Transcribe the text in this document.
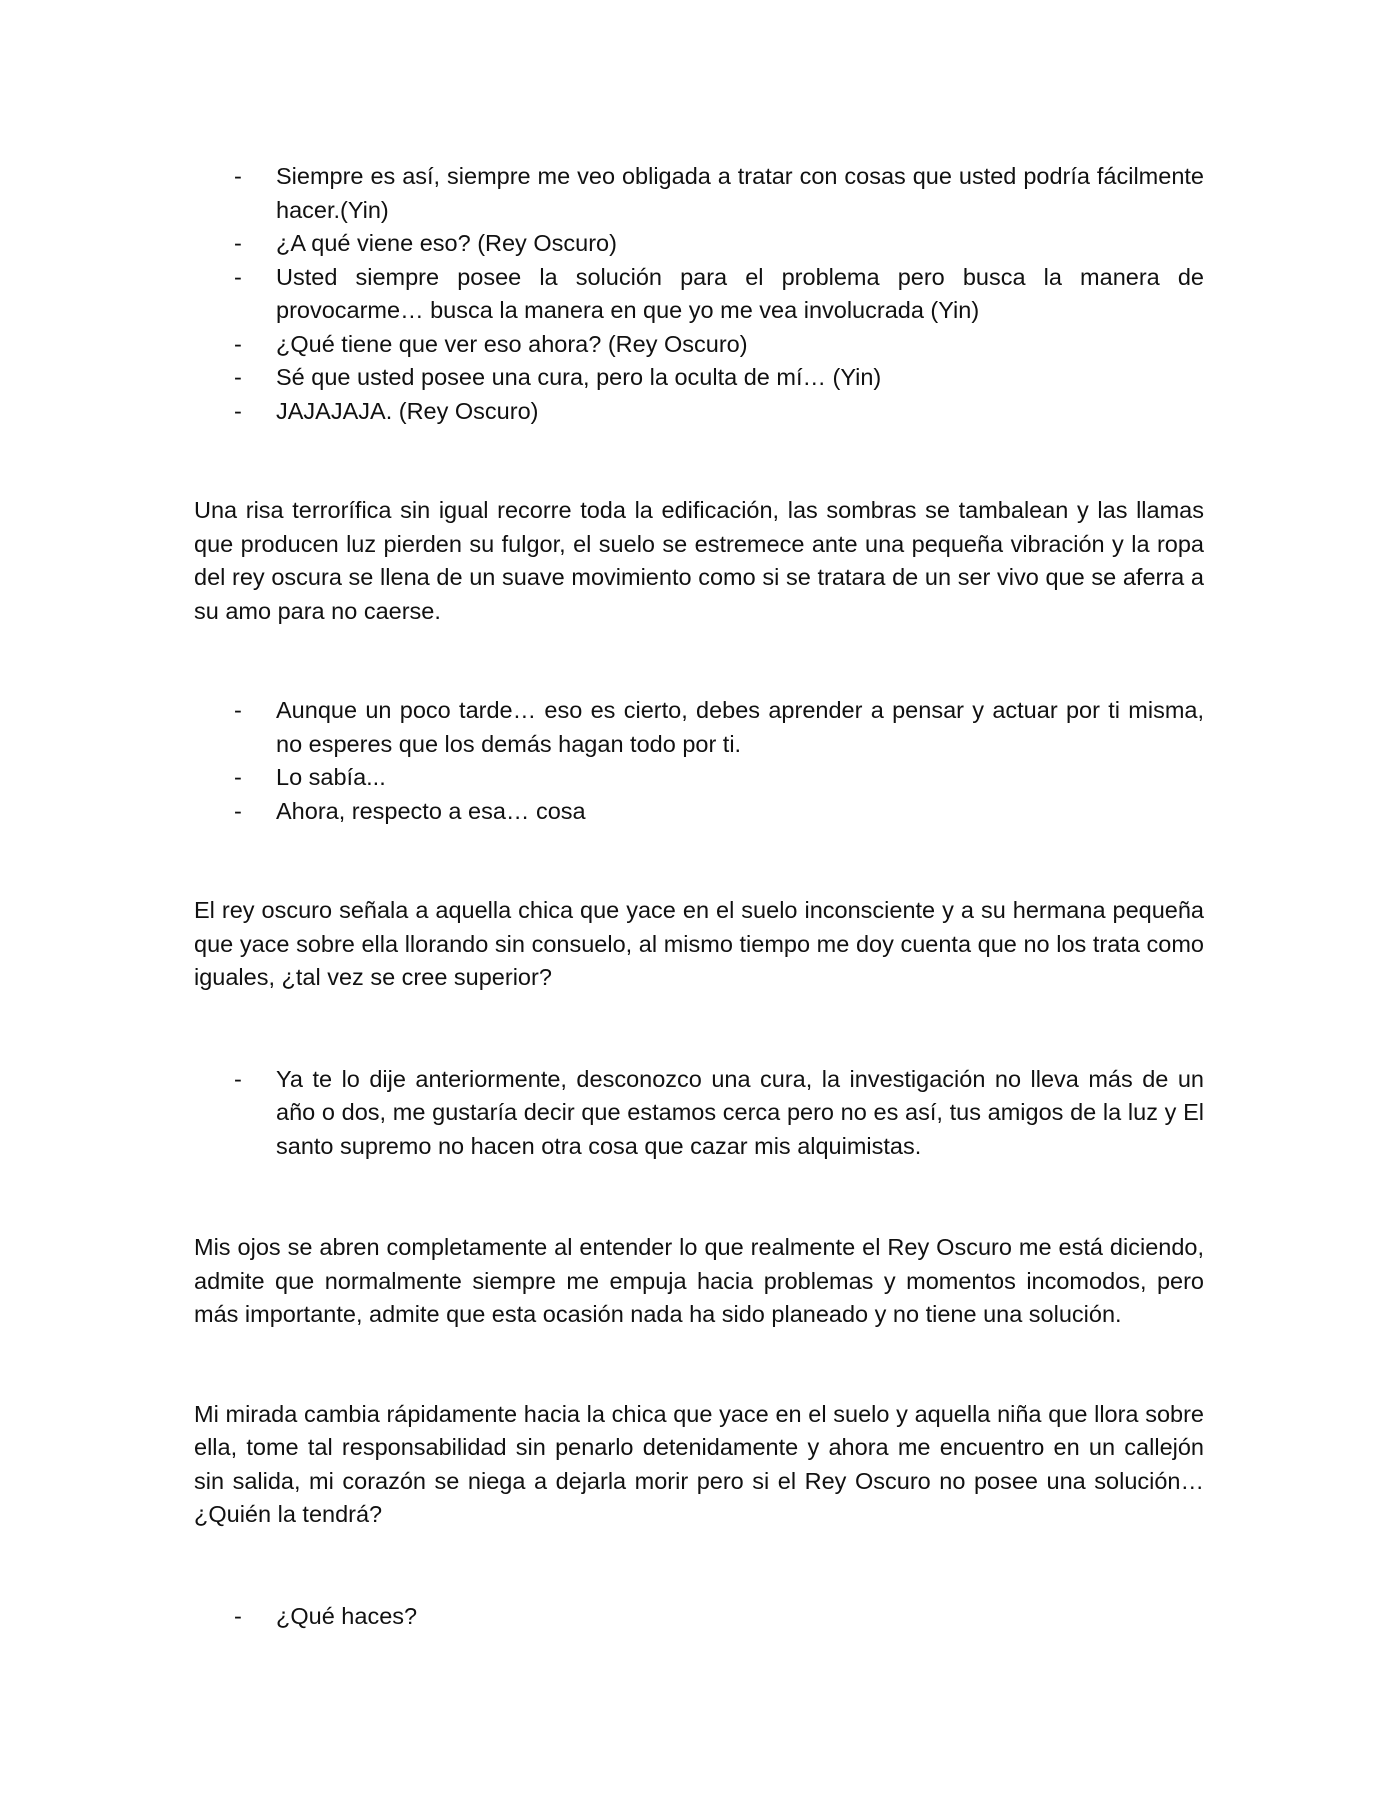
- Siempre es así, siempre me veo obligada a tratar con cosas que usted podría fácilmente hacer.(Yin)
- ¿A qué viene eso? (Rey Oscuro)
- Usted siempre posee la solución para el problema pero busca la manera de provocarme… busca la manera en que yo me vea involucrada (Yin)
- ¿Qué tiene que ver eso ahora? (Rey Oscuro)
- Sé que usted posee una cura, pero la oculta de mí… (Yin)
- JAJAJAJA. (Rey Oscuro)

Una risa terrorífica sin igual recorre toda la edificación, las sombras se tambalean y las llamas que producen luz pierden su fulgor, el suelo se estremece ante una pequeña vibración y la ropa del rey oscura se llena de un suave movimiento como si se tratara de un ser vivo que se aferra a su amo para no caerse.

- Aunque un poco tarde… eso es cierto, debes aprender a pensar y actuar por ti misma, no esperes que los demás hagan todo por ti.
- Lo sabía...
- Ahora, respecto a esa… cosa

El rey oscuro señala a aquella chica que yace en el suelo inconsciente y a su hermana pequeña que yace sobre ella llorando sin consuelo, al mismo tiempo me doy cuenta que no los trata como iguales, ¿tal vez se cree superior?

- Ya te lo dije anteriormente, desconozco una cura, la investigación no lleva más de un año o dos, me gustaría decir que estamos cerca pero no es así, tus amigos de la luz y El santo supremo no hacen otra cosa que cazar mis alquimistas.

Mis ojos se abren completamente al entender lo que realmente el Rey Oscuro me está diciendo, admite que normalmente siempre me empuja hacia problemas y momentos incomodos, pero más importante, admite que esta ocasión nada ha sido planeado y no tiene una solución.

Mi mirada cambia rápidamente hacia la chica que yace en el suelo y aquella niña que llora sobre ella, tome tal responsabilidad sin penarlo detenidamente y ahora me encuentro en un callejón sin salida, mi corazón se niega a dejarla morir pero si el Rey Oscuro no posee una solución… ¿Quién la tendrá?

- ¿Qué haces?
